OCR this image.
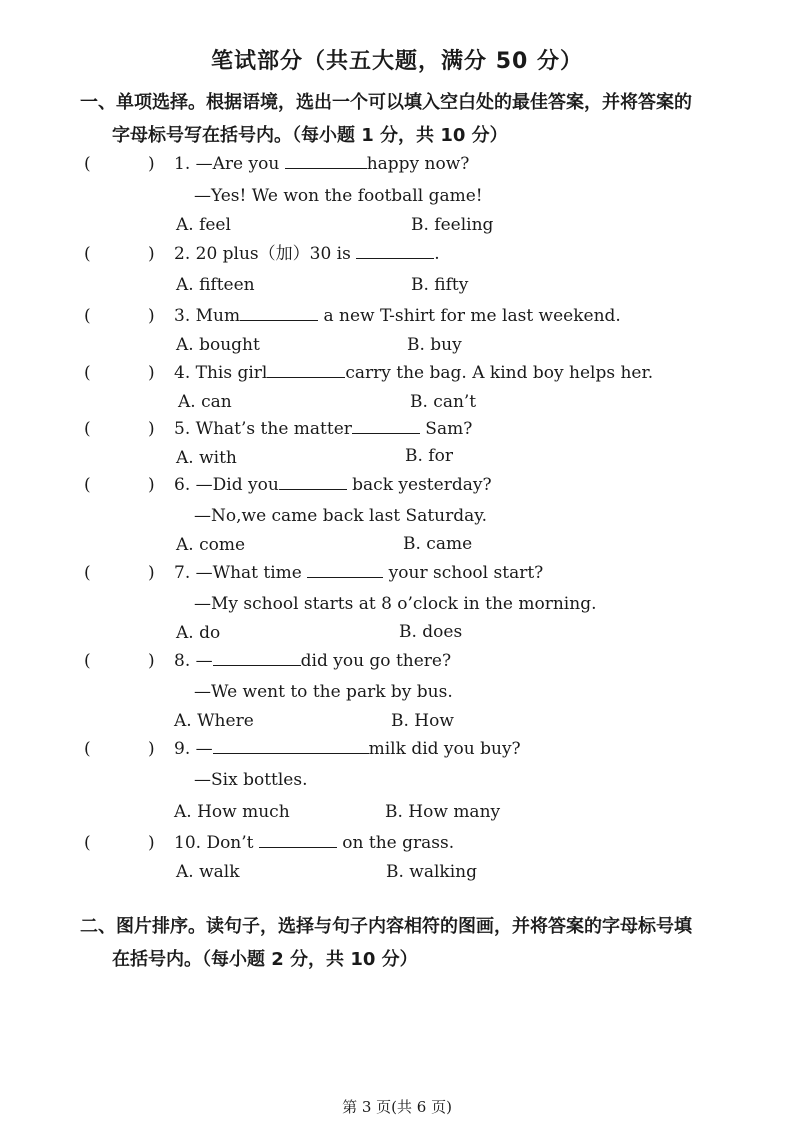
笔试部分（共五大题，满分 50 分）
一、单项选择。根据语境，选出一个可以填入空白处的最佳答案，并将答案的
字母标号写在括号内。（每小题 1 分，共 10 分）
(	) 1. —Are you	happy now?
—Yes! We won the football game!
A. feel	B. feeling
(	) 2. 20 plus（加）30 is	.
A. fifteen	B. fifty
(	) 3. Mum	a new T-shirt for me last weekend.
A. bought	B. buy
(	) 4. This girl	carry the bag. A kind boy helps her.
A. can	B. can’t
(	) 5. What’s the matter	Sam?
A. with	B. for
(	) 6. —Did you	back yesterday?
—No,we came back last Saturday.
A. come	B. came
(	) 7. —What time	your school start?
—My school starts at 8 o’clock in the morning.
A. do	B. does
(	) 8. —	did you go there?
—We went to the park by bus.
A. Where	B. How
(	) 9. —	milk did you buy?
—Six bottles.
A. How much	B. How many
(	) 10. Don’t	on the grass.
A. walk	B. walking
二、图片排序。读句子，选择与句子内容相符的图画，并将答案的字母标号填
在括号内。（每小题 2 分，共 10 分）
第 3 页(共 6 页)
